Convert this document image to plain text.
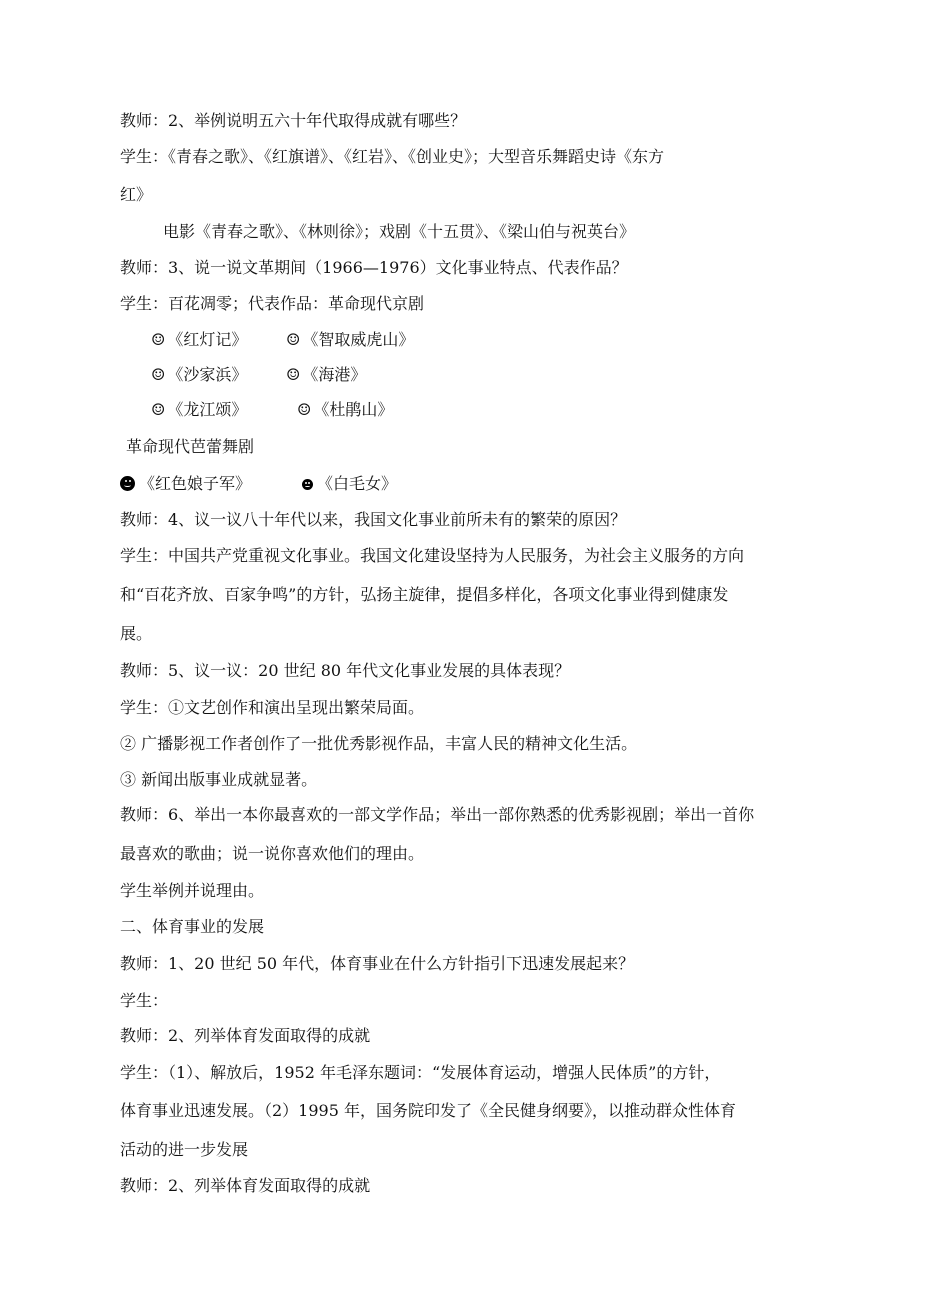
教师：2、举例说明五六十年代取得成就有哪些？
学生：《青春之歌》、《红旗谱》、《红岩》、《创业史》；大型音乐舞蹈史诗《东方
红》
电影《青春之歌》、《林则徐》；戏剧《十五贯》、《梁山伯与祝英台》
教师：3、说一说文革期间（1966—1976）文化事业特点、代表作品？
学生：百花凋零；代表作品：革命现代京剧
☺ 《红灯记》 ☺ 《智取威虎山》
☺ 《沙家浜》 ☺ 《海港》
☺ 《龙江颂》	☺ 《杜鹃山》
革命现代芭蕾舞剧
《红色娘子军》	《白毛女》
教师：4、议一议八十年代以来，我国文化事业前所未有的繁荣的原因？
学生：中国共产党重视文化事业。我国文化建设坚持为人民服务，为社会主义服务的方向
和“百花齐放、百家争鸣”的方针，弘扬主旋律，提倡多样化，各项文化事业得到健康发
展。
教师：5、议一议：20 世纪 80 年代文化事业发展的具体表现？
学生：①文艺创作和演出呈现出繁荣局面。
② 广播影视工作者创作了一批优秀影视作品，丰富人民的精神文化生活。
③ 新闻出版事业成就显著。
教师：6、举出一本你最喜欢的一部文学作品；举出一部你熟悉的优秀影视剧；举出一首你
最喜欢的歌曲；说一说你喜欢他们的理由。
学生举例并说理由。
二、体育事业的发展
教师：1、20 世纪 50 年代，体育事业在什么方针指引下迅速发展起来？
学生：
教师：2、列举体育发面取得的成就
学生：（1）、解放后，1952 年毛泽东题词：“发展体育运动，增强人民体质”的方针，
体育事业迅速发展。（2）1995 年，国务院印发了《全民健身纲要》，以推动群众性体育
活动的进一步发展
教师：2、列举体育发面取得的成就
